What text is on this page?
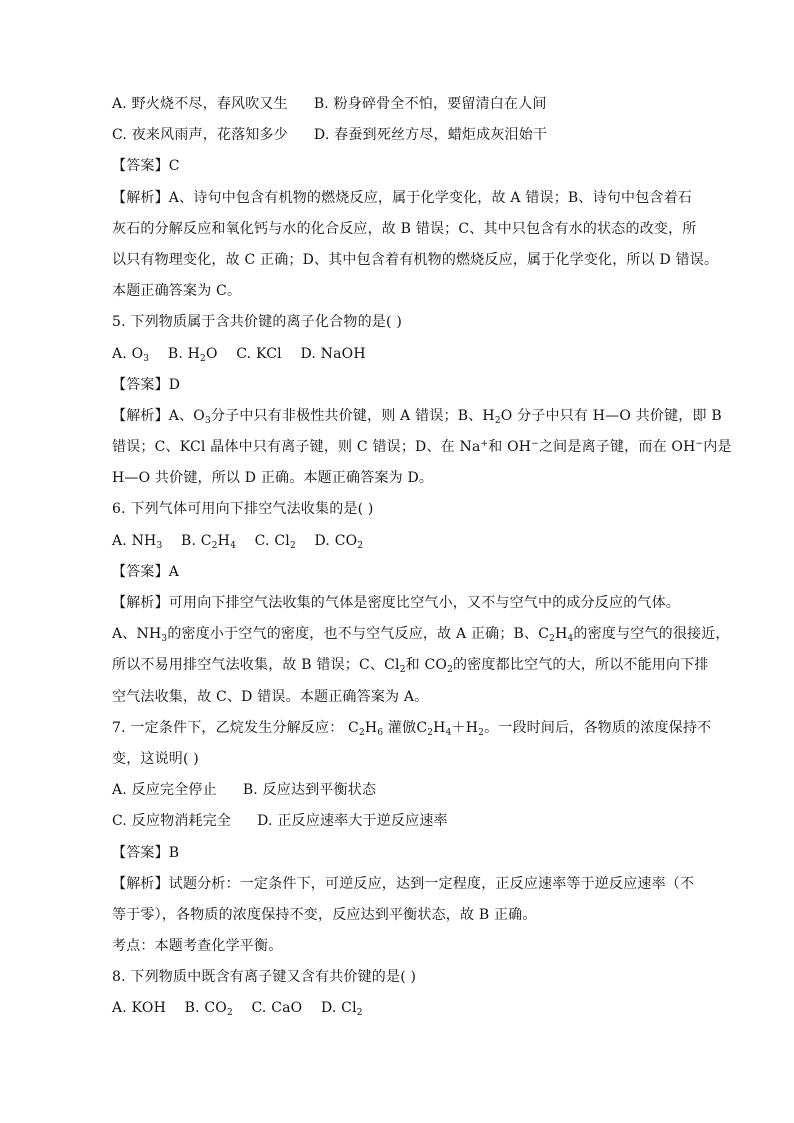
A. 野火烧不尽，春风吹又生 B. 粉身碎骨全不怕，要留清白在人间
C. 夜来风雨声，花落知多少 D. 春蚕到死丝方尽，蜡炬成灰泪始干
【答案】C
【解析】A、诗句中包含有机物的燃烧反应，属于化学变化，故 A 错误；B、诗句中包含着石
灰石的分解反应和氧化钙与水的化合反应，故 B 错误；C、其中只包含有水的状态的改变，所
以只有物理变化，故 C 正确；D、其中包含着有机物的燃烧反应，属于化学变化，所以 D 错误。
本题正确答案为 C。
5. 下列物质属于含共价键的离子化合物的是( )
A. $O_3$    B. $H_2O$    C. KCl    D. NaOH
【答案】D
【解析】A、$O_3$分子中只有非极性共价键，则 A 错误；B、$H_2O$ 分子中只有 H—O 共价键，即 B
错误；C、KCl 晶体中只有离子键，则 C 错误；D、在 Na+和 OH−之间是离子键，而在 OH−内是
H—O 共价键，所以 D 正确。本题正确答案为 D。
6. 下列气体可用向下排空气法收集的是( )
A. $NH_3$    B. $C_2H_4$    C. $Cl_2$    D. $CO_2$
【答案】A
【解析】可用向下排空气法收集的气体是密度比空气小，又不与空气中的成分反应的气体。
A、$NH_3$的密度小于空气的密度，也不与空气反应，故 A 正确；B、$C_2H_4$的密度与空气的很接近，
所以不易用排空气法收集，故 B 错误；C、$Cl_2$和 $CO_2$的密度都比空气的大，所以不能用向下排
空气法收集，故 C、D 错误。本题正确答案为 A。
7. 一定条件下，乙烷发生分解反应： $C_2H_6$ 灌倣$C_2H_4+H_2$。一段时间后，各物质的浓度保持不
变，这说明( )
A. 反应完全停止 B. 反应达到平衡状态
C. 反应物消耗完全 D. 正反应速率大于逆反应速率
【答案】B
【解析】试题分析：一定条件下，可逆反应，达到一定程度，正反应速率等于逆反应速率（不
等于零），各物质的浓度保持不变，反应达到平衡状态，故 B 正确。
考点：本题考查化学平衡。
8. 下列物质中既含有离子键又含有共价键的是( )
A. KOH    B. $CO_2$    C. CaO    D. $Cl_2$
